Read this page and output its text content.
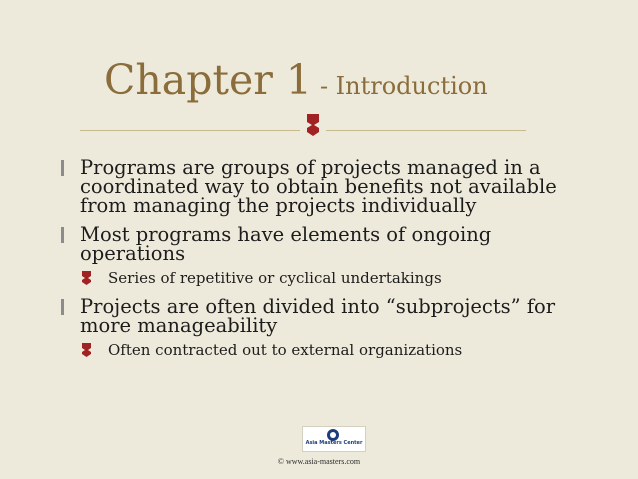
Chapter 1 - Introduction
Programs are groups of projects managed in a coordinated way to obtain benefits not available from managing the projects individually
Most programs have elements of ongoing operations
Series of repetitive or cyclical undertakings
Projects are often divided into “subprojects” for more manageability
Often contracted out to external organizations
Asia Masters Center
© www.asia-masters.com
